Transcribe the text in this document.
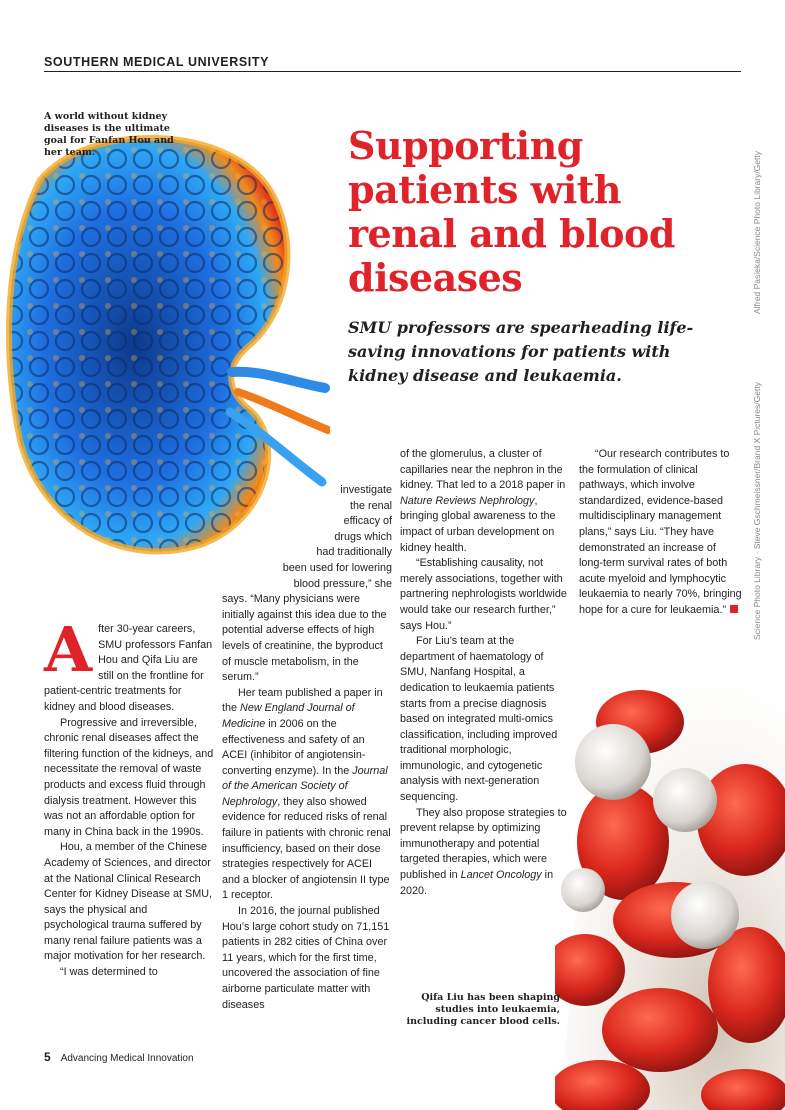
SOUTHERN MEDICAL UNIVERSITY
A world without kidney diseases is the ultimate goal for Fanfan Hou and her team.	Supporting patients with renal and blood diseases

SMU professors are spearheading life-saving innovations for patients with kidney disease and leukaemia.

Alfred Pasieka/Science Photo Library/Getty
Science Photo Library · Steve Gschmeissner/Brand X Pictures/Getty
A fter 30-year careers, SMU professors Fanfan Hou and Qifa Liu are still on the frontline for patient-centric treatments for kidney and blood diseases.

Progressive and irreversible, chronic renal diseases affect the filtering function of the kidneys, and necessitate the removal of waste products and excess fluid through dialysis treatment. However this was not an affordable option for many in China back in the 1990s.

Hou, a member of the Chinese Academy of Sciences, and director at the National Clinical Research Center for Kidney Disease at SMU, says the physical and psychological trauma suffered by many renal failure patients was a major motivation for her research.

“I was determined to

investigate
the renal
efficacy of
drugs which
had traditionally
been used for lowering
blood pressure,” she

says. “Many physicians were initially against this idea due to the potential adverse effects of high levels of creatinine, the byproduct of muscle metabolism, in the serum.”

Her team published a paper in the New England Journal of Medicine in 2006 on the effectiveness and safety of an ACEI (inhibitor of angiotensin-converting enzyme). In the Journal of the American Society of Nephrology, they also showed evidence for reduced risks of renal failure in patients with chronic renal insufficiency, based on their dose strategies respectively for ACEI and a blocker of angiotensin II type 1 receptor.

In 2016, the journal published Hou’s large cohort study on 71,151 patients in 282 cities of China over 11 years, which for the first time, uncovered the association of fine airborne particulate matter with diseases

of the glomerulus, a cluster of capillaries near the nephron in the kidney. That led to a 2018 paper in Nature Reviews Nephrology, bringing global awareness to the impact of urban development on kidney health.

“Establishing causality, not merely associations, together with partnering nephrologists worldwide would take our research further,” says Hou.”

For Liu’s team at the department of haematology of SMU, Nanfang Hospital, a dedication to leukaemia patients starts from a precise diagnosis based on integrated multi-omics classification, including improved traditional morphologic, immunologic, and cytogenetic analysis with next-generation sequencing.

They also propose strategies to prevent relapse by optimizing immunotherapy and potential targeted therapies, which were published in Lancet Oncology in 2020.

“Our research contributes to the formulation of clinical pathways, which involve standardized, evidence-based multidisciplinary management plans,” says Liu. “They have demonstrated an increase of long-term survival rates of both acute myeloid and lymphocytic leukaemia to nearly 70%, bringing hope for a cure for leukaemia.”

Qifa Liu has been shaping studies into leukaemia, including cancer blood cells.
5 Advancing Medical Innovation
